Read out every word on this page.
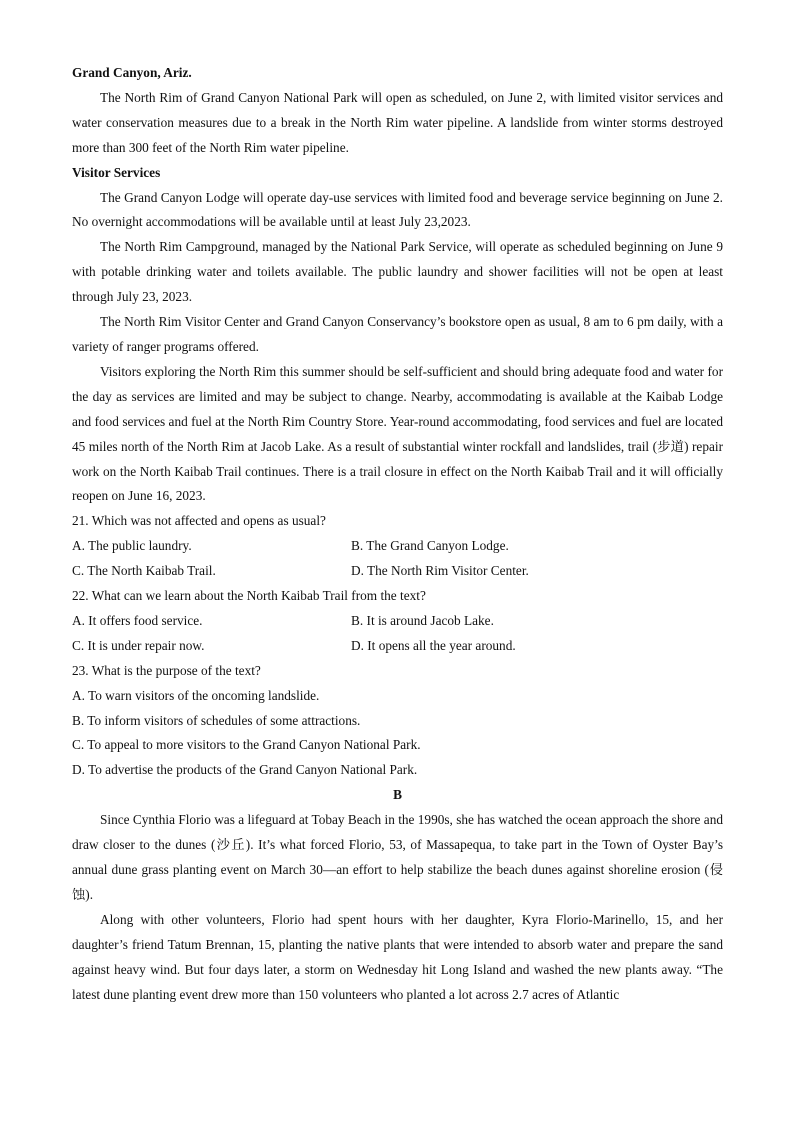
Grand Canyon, Ariz.

The North Rim of Grand Canyon National Park will open as scheduled, on June 2, with limited visitor services and water conservation measures due to a break in the North Rim water pipeline. A landslide from winter storms destroyed more than 300 feet of the North Rim water pipeline.

Visitor Services

The Grand Canyon Lodge will operate day-use services with limited food and beverage service beginning on June 2. No overnight accommodations will be available until at least July 23,2023.

The North Rim Campground, managed by the National Park Service, will operate as scheduled beginning on June 9 with potable drinking water and toilets available. The public laundry and shower facilities will not be open at least through July 23, 2023.

The North Rim Visitor Center and Grand Canyon Conservancy’s bookstore open as usual, 8 am to 6 pm daily, with a variety of ranger programs offered.

Visitors exploring the North Rim this summer should be self-sufficient and should bring adequate food and water for the day as services are limited and may be subject to change. Nearby, accommodating is available at the Kaibab Lodge and food services and fuel at the North Rim Country Store. Year-round accommodating, food services and fuel are located 45 miles north of the North Rim at Jacob Lake. As a result of substantial winter rockfall and landslides, trail (步道) repair work on the North Kaibab Trail continues. There is a trail closure in effect on the North Kaibab Trail and it will officially reopen on June 16, 2023.

21. Which was not affected and opens as usual?

A. The public laundry.	B. The Grand Canyon Lodge.
C. The North Kaibab Trail.	D. The North Rim Visitor Center.

22. What can we learn about the North Kaibab Trail from the text?

A. It offers food service.	B. It is around Jacob Lake.
C. It is under repair now.	D. It opens all the year around.

23. What is the purpose of the text?

A. To warn visitors of the oncoming landslide.

B. To inform visitors of schedules of some attractions.

C. To appeal to more visitors to the Grand Canyon National Park.

D. To advertise the products of the Grand Canyon National Park.

B

Since Cynthia Florio was a lifeguard at Tobay Beach in the 1990s, she has watched the ocean approach the shore and draw closer to the dunes (沙丘). It’s what forced Florio, 53, of Massapequa, to take part in the Town of Oyster Bay’s annual dune grass planting event on March 30—an effort to help stabilize the beach dunes against shoreline erosion (侵蚀).

Along with other volunteers, Florio had spent hours with her daughter, Kyra Florio-Marinello, 15, and her daughter’s friend Tatum Brennan, 15, planting the native plants that were intended to absorb water and prepare the sand against heavy wind. But four days later, a storm on Wednesday hit Long Island and washed the new plants away. “The latest dune planting event drew more than 150 volunteers who planted a lot across 2.7 acres of Atlantic
